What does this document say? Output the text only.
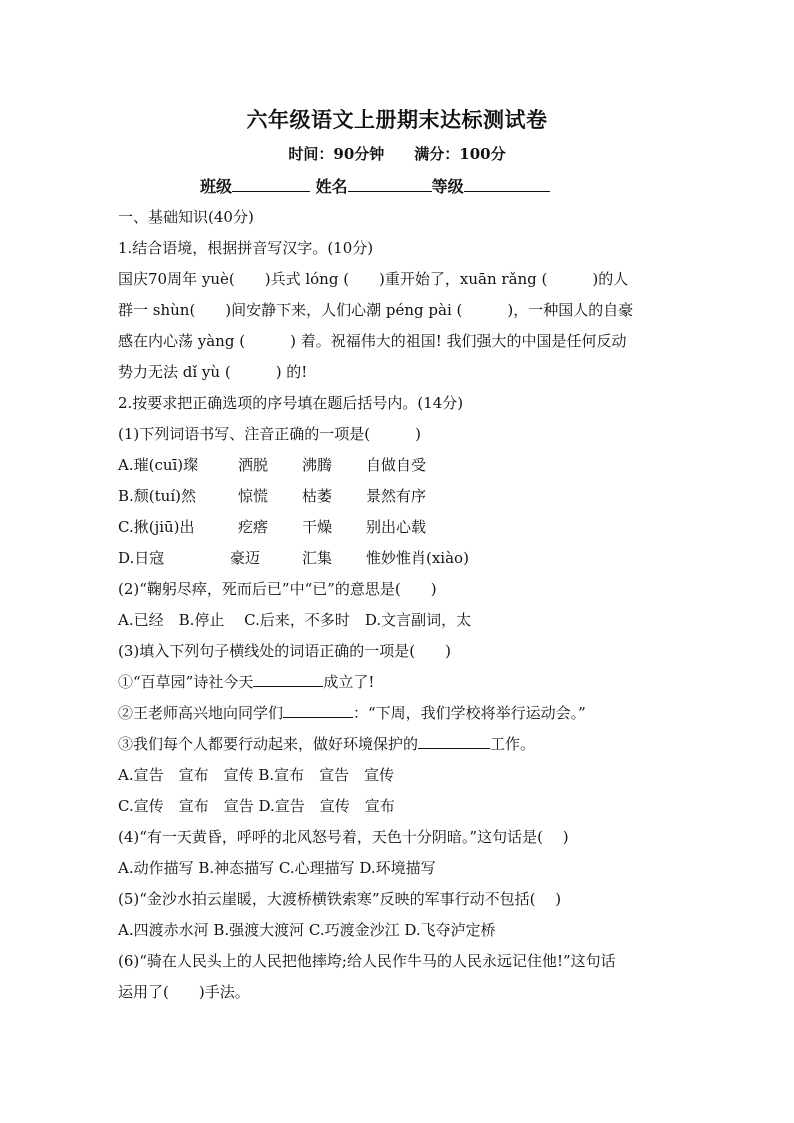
六年级语文上册期末达标测试卷
时间：90分钟 满分：100分
班级	姓名	等级
一、基础知识(40分)
1.结合语境，根据拼音写汉字。(10分)
国庆70周年 yuè(　　)兵式 lóng (　　)重开始了，xuān rǎng (　　　)的人
群一 shùn(　　)间安静下来，人们心潮 péng pài (　　　)，一种国人的自豪
感在内心荡 yàng (　　　) 着。祝福伟大的祖国! 我们强大的中国是任何反动
势力无法 dǐ yù (　　　) 的!
2.按要求把正确选项的序号填在题后括号内。(14分)
(1)下列词语书写、注音正确的一项是(　　　)
A.璀(cuī)璨	洒脱 沸腾 自做自受
B.颓(tuí)然	惊慌 枯萎 景然有序
C.揪(jiū)出	疙瘩 干燥 别出心载
D.日寇	豪迈	汇集 惟妙惟肖(xiào)
(2)“鞠躬尽瘁，死而后已”中“已”的意思是(　　)
A.已经　B.停止　 C.后来，不多时　D.文言副词，太
(3)填入下列句子横线处的词语正确的一项是(　　)
①“百草园”诗社今天	成立了!
②王老师高兴地向同学们	：“下周，我们学校将举行运动会。”
③我们每个人都要行动起来，做好环境保护的	工作。
A.宣告　宣布　宣传 B.宣布　宣告　宣传
C.宣传　宣布　宣告 D.宣告　宣传　宣布
(4)“有一天黄昏，呼呼的北风怒号着，天色十分阴暗。”这句话是(　 )
A.动作描写 B.神态描写 C.心理描写 D.环境描写
(5)“金沙水拍云崖暖，大渡桥横铁索寒”反映的军事行动不包括(　 )
A.四渡赤水河 B.强渡大渡河 C.巧渡金沙江 D.飞夺泸定桥
(6)“骑在人民头上的人民把他摔垮;给人民作牛马的人民永远记住他!”这句话
运用了(　　)手法。
